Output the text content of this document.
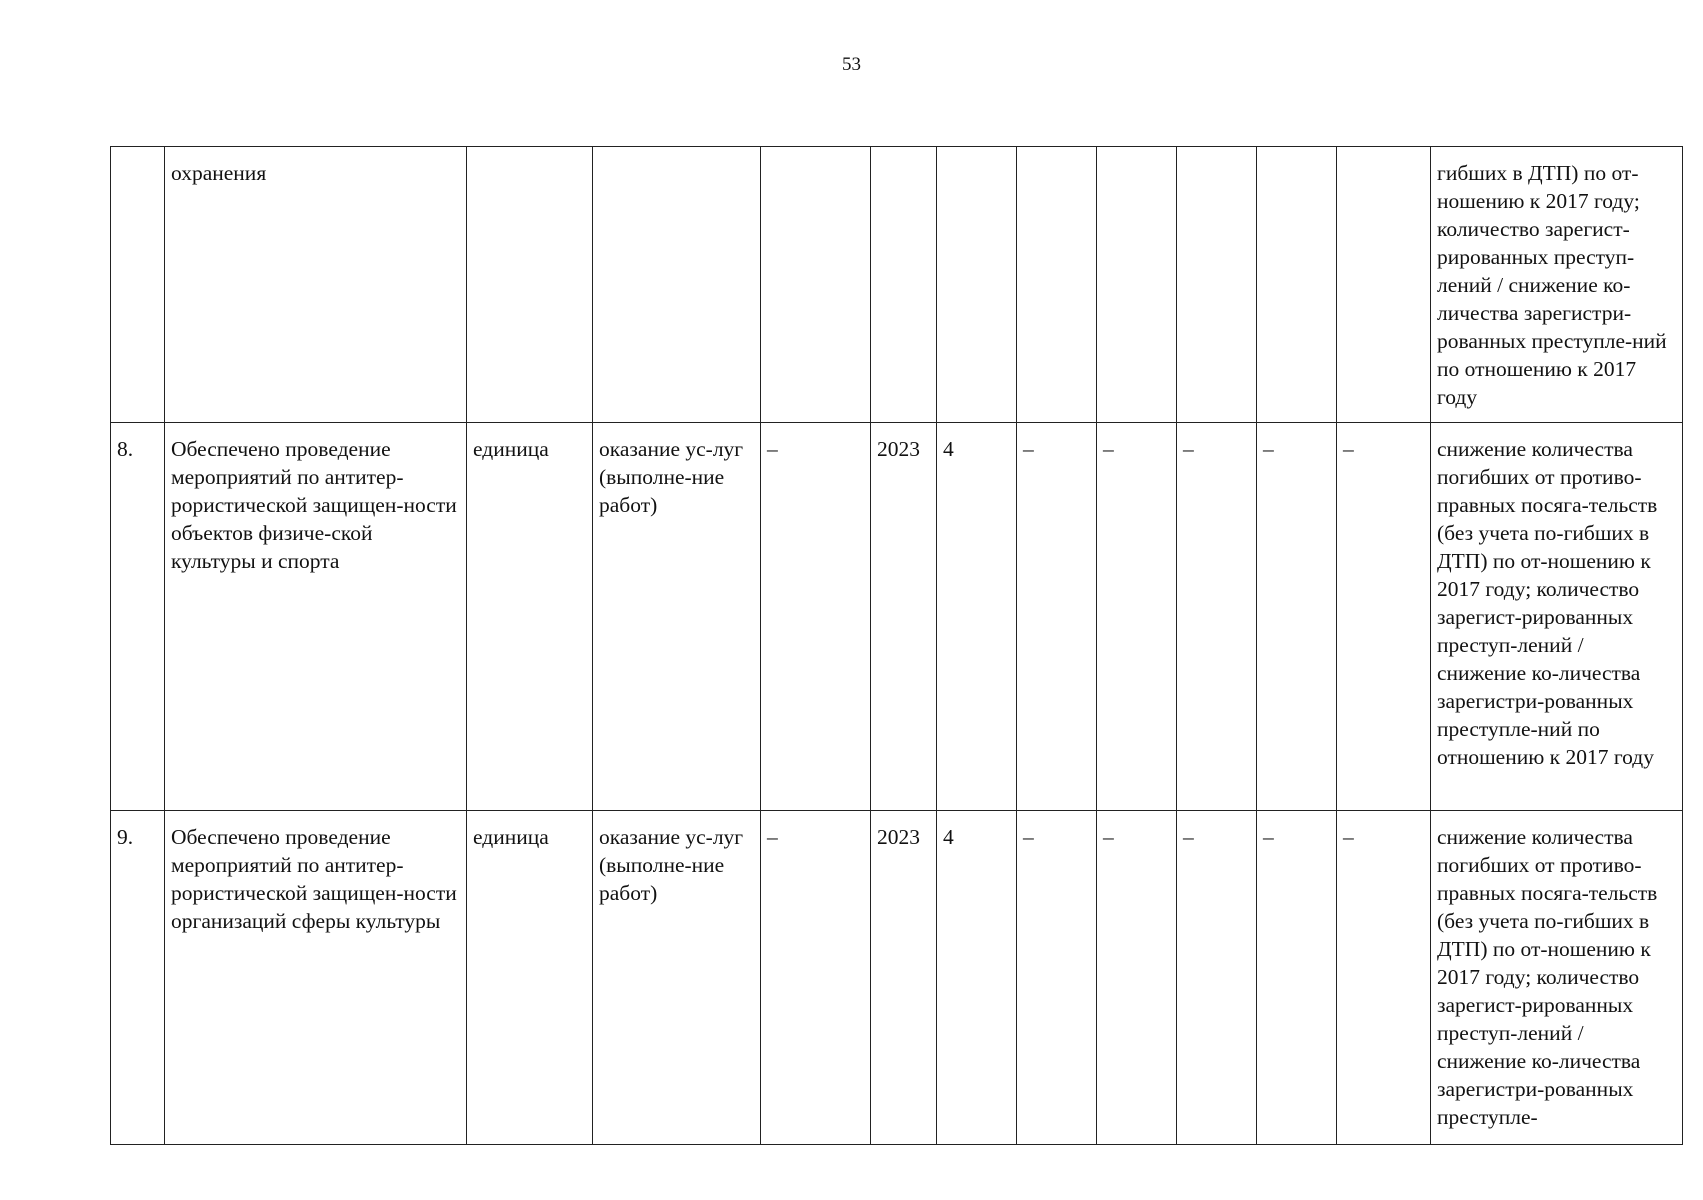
53
	охранения											гибших в ДТП) по от-ношению к 2017 году; количество зарегист-рированных преступ-лений / снижение ко-личества зарегистри-рованных преступле-ний по отношению к 2017 году
8.	Обеспечено проведение мероприятий по антитер-рористической защищен-ности объектов физиче-ской культуры и спорта	единица	оказание ус-луг (выполне-ние работ)	–	2023	4	–	–	–	–	–	снижение количества погибших от противо-правных посяга-тельств (без учета по-гибших в ДТП) по от-ношению к 2017 году; количество зарегист-рированных преступ-лений / снижение ко-личества зарегистри-рованных преступле-ний по отношению к 2017 году
9.	Обеспечено проведение мероприятий по антитер-рористической защищен-ности организаций сферы культуры	единица	оказание ус-луг (выполне-ние работ)	–	2023	4	–	–	–	–	–	снижение количества погибших от противо-правных посяга-тельств (без учета по-гибших в ДТП) по от-ношению к 2017 году; количество зарегист-рированных преступ-лений / снижение ко-личества зарегистри-рованных преступле-
